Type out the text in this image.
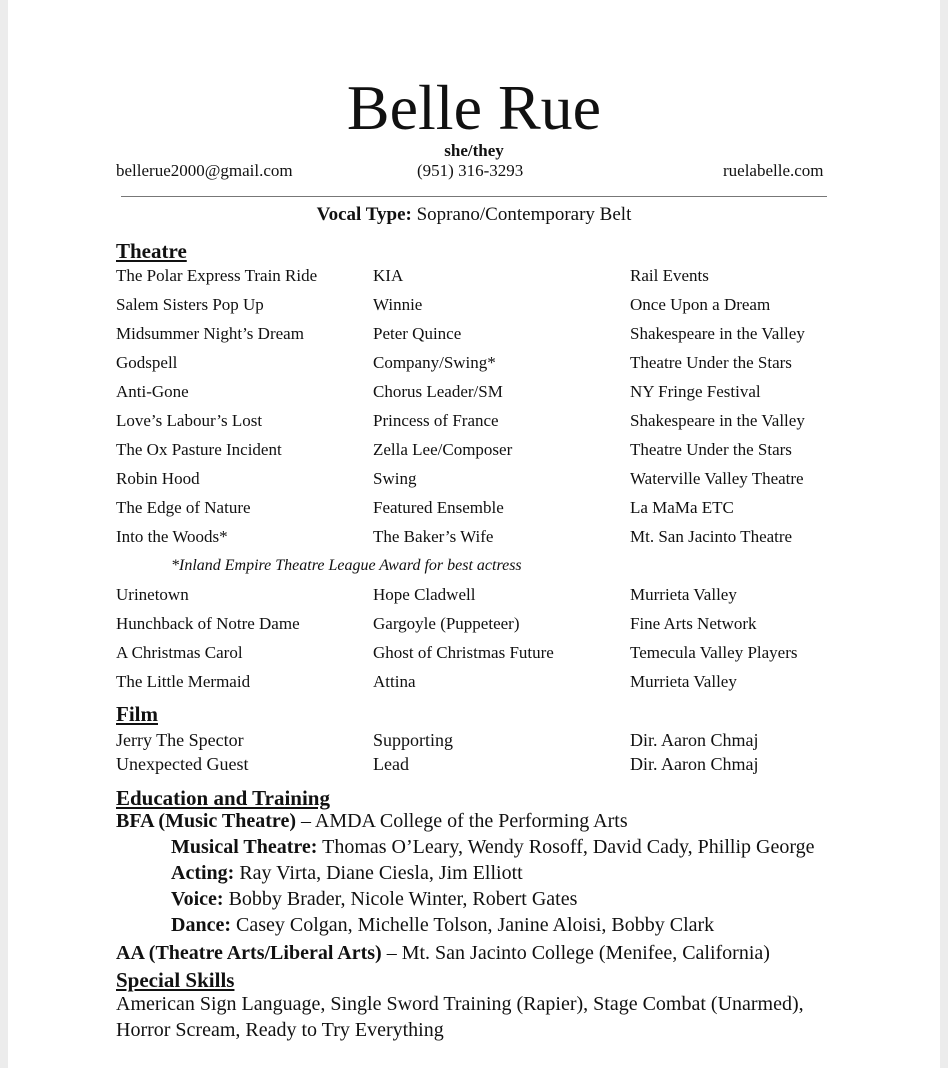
Belle Rue
she/they
bellerue2000@gmail.com	(951) 316-3293	ruelabelle.com
Vocal Type: Soprano/Contemporary Belt
Theatre
The Polar Express Train Ride	KIA	Rail Events
Salem Sisters Pop Up	Winnie	Once Upon a Dream
Midsummer Night’s Dream	Peter Quince	Shakespeare in the Valley
Godspell	Company/Swing*	Theatre Under the Stars
Anti-Gone	Chorus Leader/SM	NY Fringe Festival
Love’s Labour’s Lost	Princess of France	Shakespeare in the Valley
The Ox Pasture Incident	Zella Lee/Composer	Theatre Under the Stars
Robin Hood	Swing	Waterville Valley Theatre
The Edge of Nature	Featured Ensemble	La MaMa ETC
Into the Woods*	The Baker’s Wife	Mt. San Jacinto Theatre
*Inland Empire Theatre League Award for best actress
Urinetown	Hope Cladwell	Murrieta Valley
Hunchback of Notre Dame	Gargoyle (Puppeteer)	Fine Arts Network
A Christmas Carol	Ghost of Christmas Future	Temecula Valley Players
The Little Mermaid	Attina	Murrieta Valley
Film
Jerry The Spector	Supporting	Dir. Aaron Chmaj
Unexpected Guest	Lead	Dir. Aaron Chmaj
Education and Training
BFA (Music Theatre) – AMDA College of the Performing Arts
Musical Theatre: Thomas O’Leary, Wendy Rosoff, David Cady, Phillip George
Acting: Ray Virta, Diane Ciesla, Jim Elliott
Voice: Bobby Brader, Nicole Winter, Robert Gates
Dance: Casey Colgan, Michelle Tolson, Janine Aloisi, Bobby Clark
AA (Theatre Arts/Liberal Arts) – Mt. San Jacinto College (Menifee, California)
Special Skills
American Sign Language, Single Sword Training (Rapier), Stage Combat (Unarmed),
Horror Scream, Ready to Try Everything
